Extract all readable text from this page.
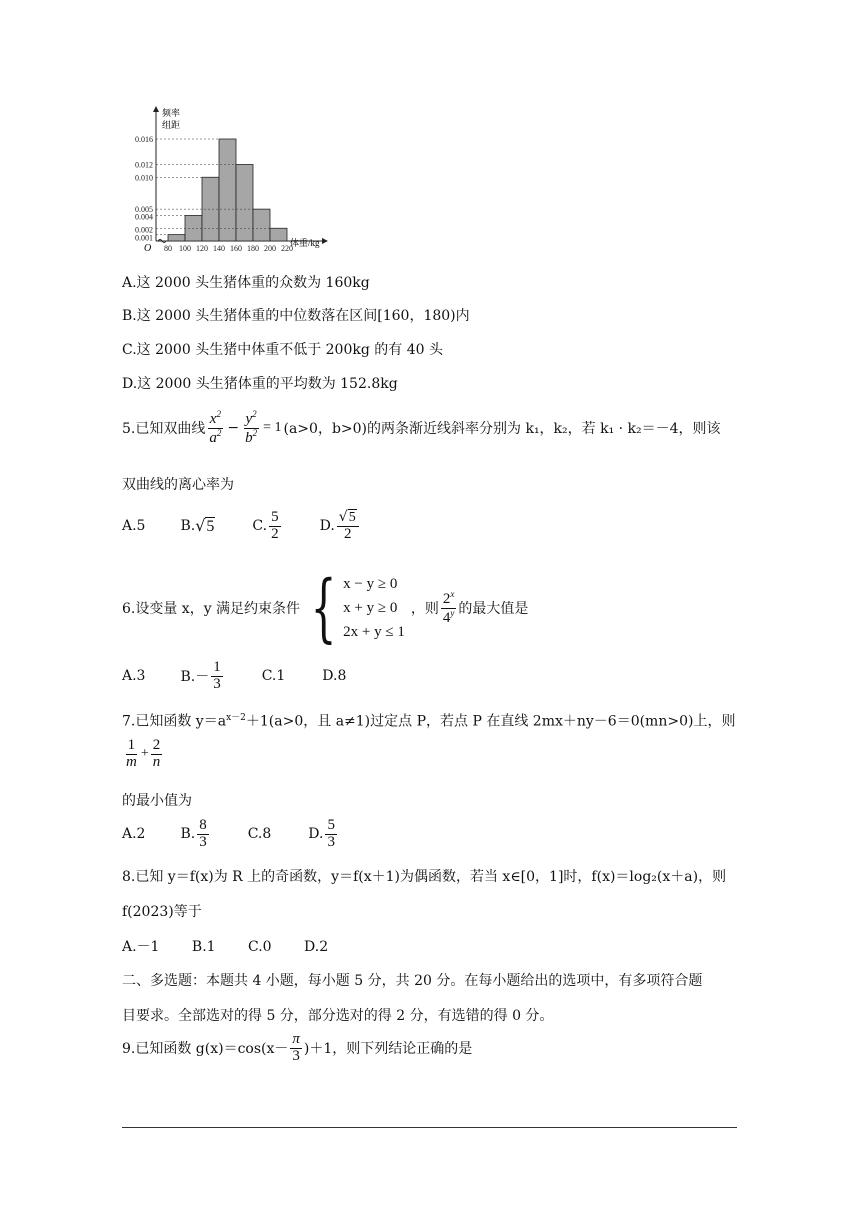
频率
组距
O	体重/kg
0.016
0.012
0.010
0.005
0.004
0.002
0.001
80 100 120 140 160 180 200 220
A.这 2000 头生猪体重的众数为 160kg
B.这 2000 头生猪体重的中位数落在区间[160，180)内
C.这 2000 头生猪中体重不低于 200kg 的有 40 头
D.这 2000 头生猪体重的平均数为 152.8kg
5.已知双曲线 $\frac{x^2}{a^2} - \frac{y^2}{b^2} = 1$ (a>0，b>0)的两条渐近线斜率分别为 k₁，k₂，若 k₁ · k₂＝－4，则该
双曲线的离心率为
A.5	B. √5	C. $\frac{5}{2}$	D. $\frac{√5}{2}$
6.设变量 x，y 满足约束条件 { x − y ≥ 0
x + y ≥ 0
2x + y ≤ 1
，则 $\frac{2^x}{4^y}$ 的最大值是
A.3	$B.- \frac{1}{3}$	C.1	D.8
7.已知函数 $y=a^{x-2}+1(a>0$，且 a≠1)过定点 P，若点 P 在直线 2mx＋ny－6＝0(mn>0)上，则
$\frac{1}{m} + \frac{2}{n}$
的最小值为
A.2	B. $\frac{8}{3}$	C.8	D. $\frac{5}{3}$
8.已知 y＝f(x)为 R 上的奇函数，y＝f(x＋1)为偶函数，若当 x∈[0，1]时，f(x)＝log₂(x＋a)，则
f(2023)等于
A.－1　　 B.1　　 C.0　　 D.2
二、多选题：本题共 4 小题，每小题 5 分，共 20 分。在每小题给出的选项中，有多项符合题
目要求。全部选对的得 5 分，部分选对的得 2 分，有选错的得 0 分。
9.已知函数 $g(x)=\cos(x- \frac{\pi}{3} )+1$，则下列结论正确的是
